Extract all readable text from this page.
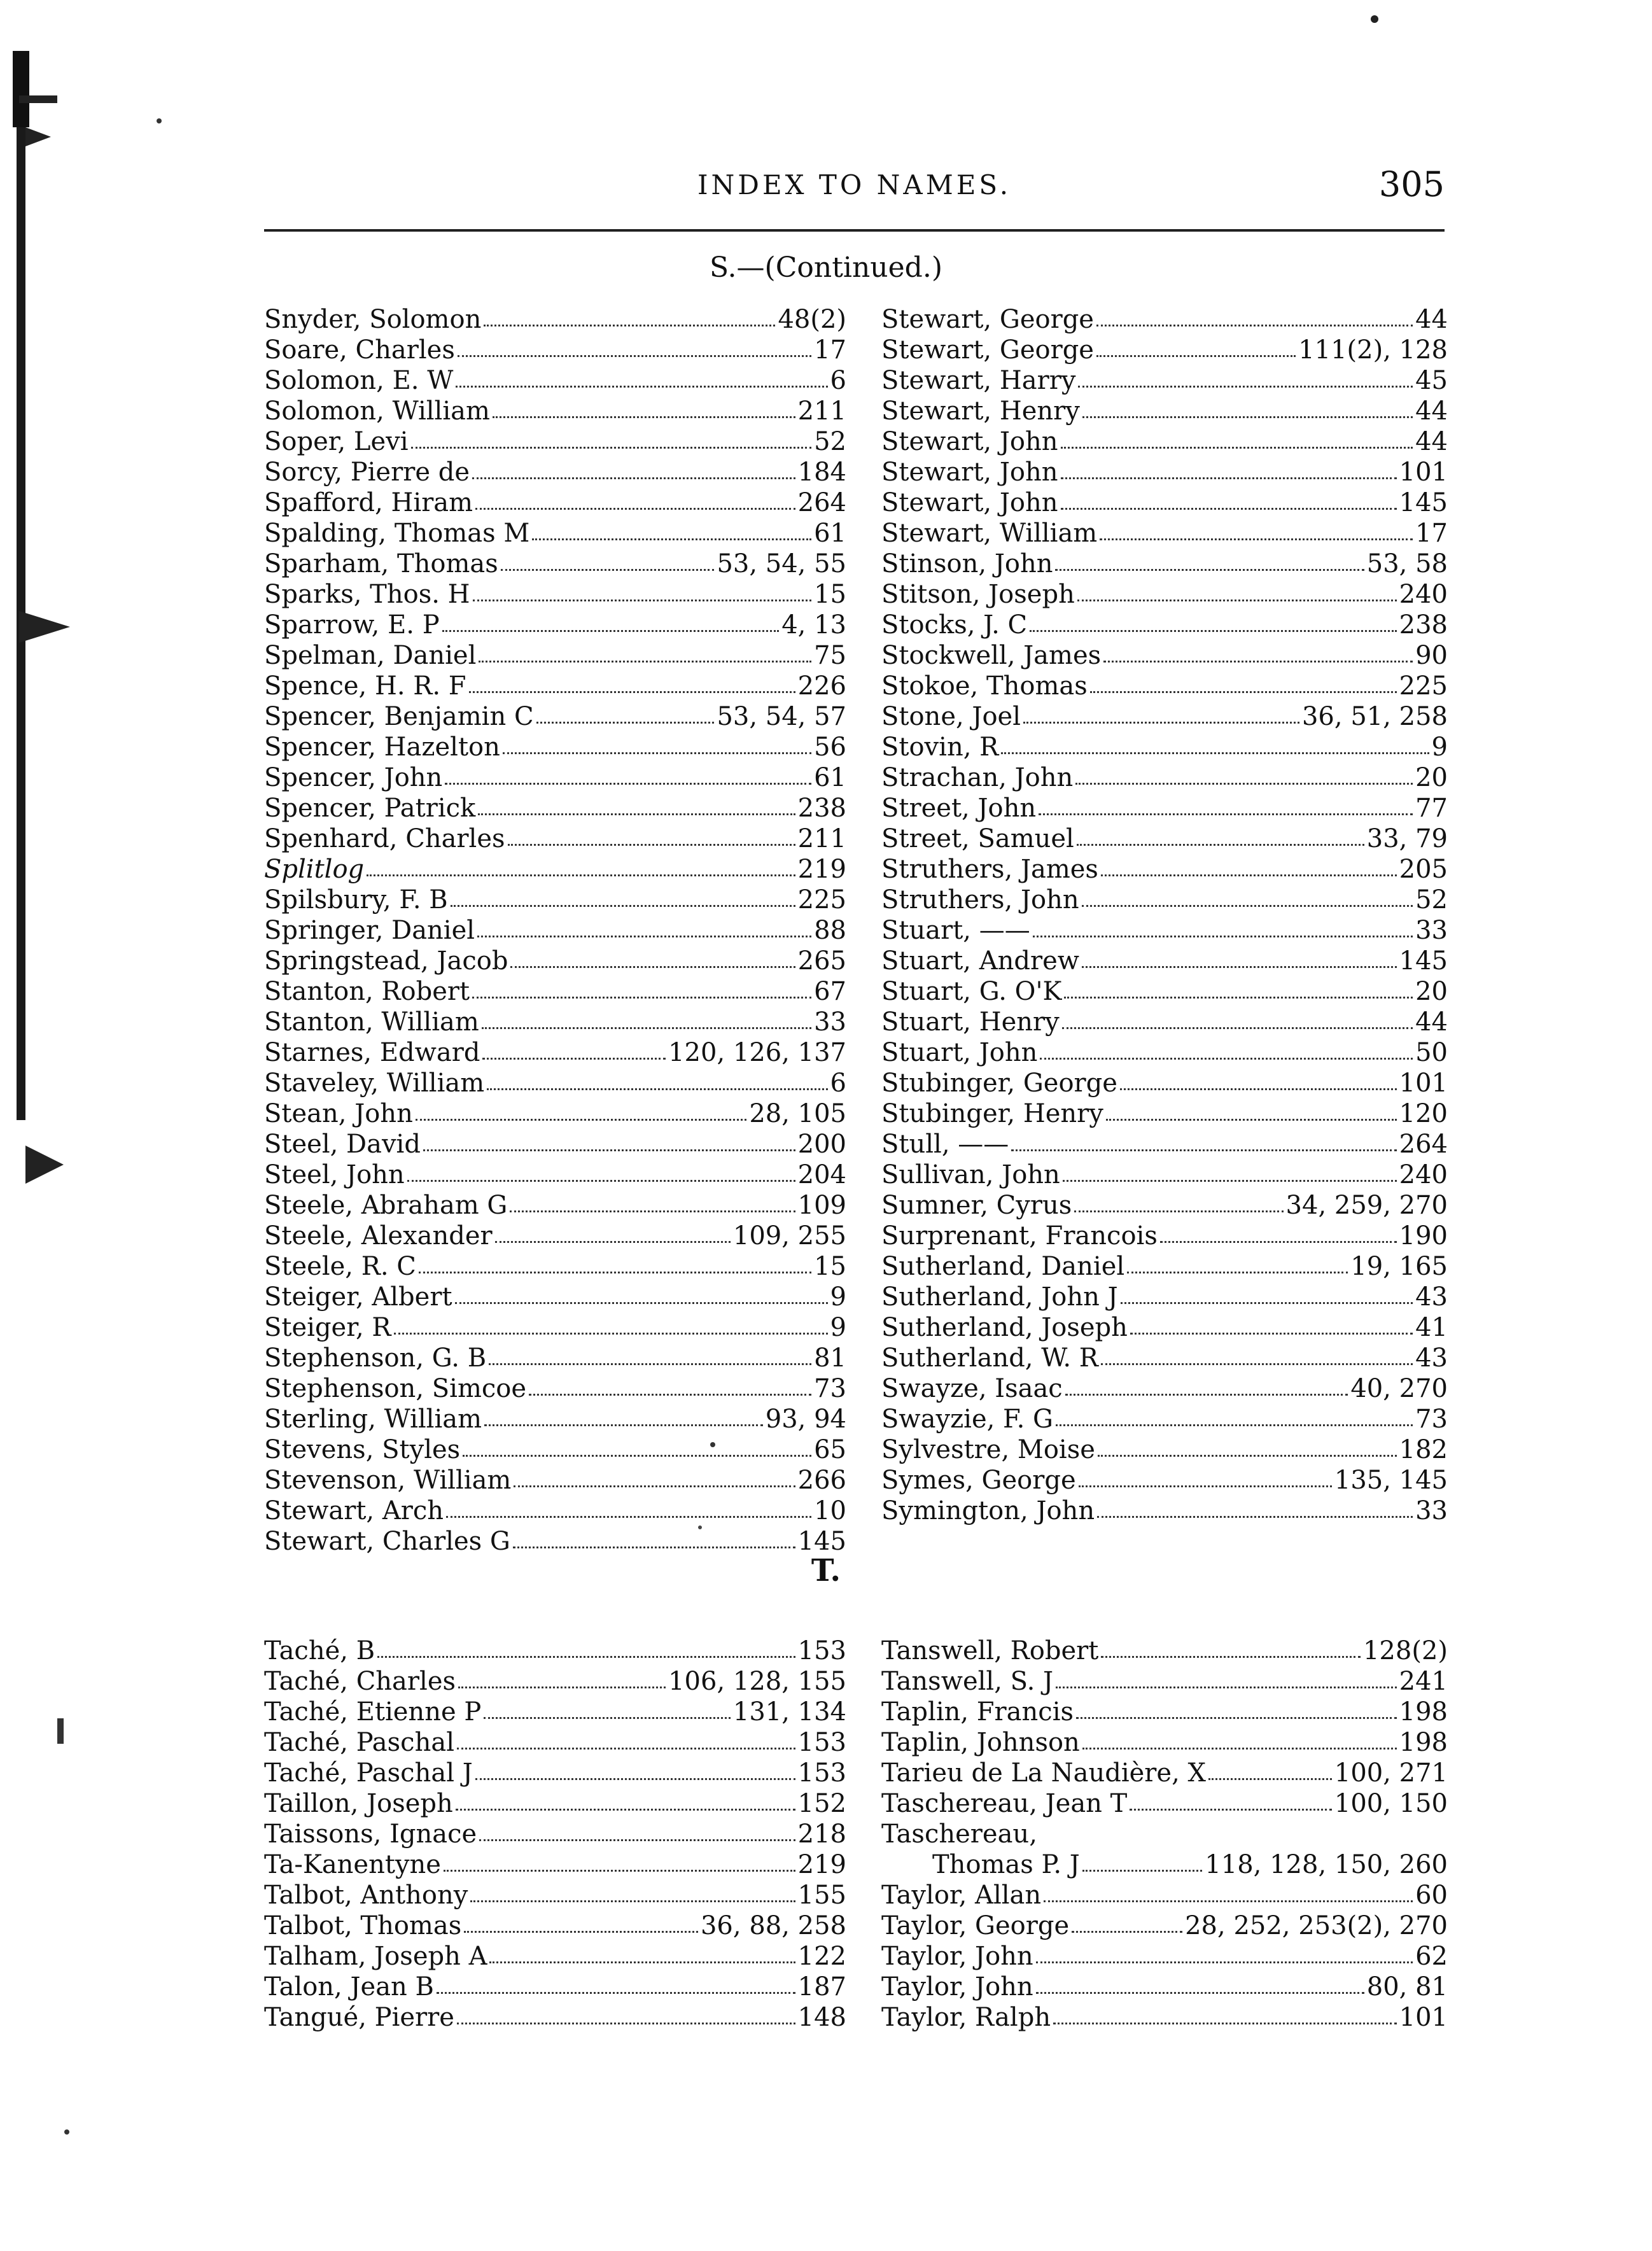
INDEX TO NAMES.	305
S.—(Continued.)
Snyder, Solomon	48(2)
Soare, Charles	17
Solomon, E. W	6
Solomon, William	211
Soper, Levi	52
Sorcy, Pierre de	184
Spafford, Hiram	264
Spalding, Thomas M	61
Sparham, Thomas	53, 54, 55
Sparks, Thos. H	15
Sparrow, E. P	4, 13
Spelman, Daniel	75
Spence, H. R. F	226
Spencer, Benjamin C	53, 54, 57
Spencer, Hazelton	56
Spencer, John	61
Spencer, Patrick	238
Spenhard, Charles	211
Splitlog	219
Spilsbury, F. B	225
Springer, Daniel	88
Springstead, Jacob	265
Stanton, Robert	67
Stanton, William	33
Starnes, Edward	120, 126, 137
Staveley, William	6
Stean, John	28, 105
Steel, David	200
Steel, John	204
Steele, Abraham G	109
Steele, Alexander	109, 255
Steele, R. C	15
Steiger, Albert	9
Steiger, R	9
Stephenson, G. B	81
Stephenson, Simcoe	73
Sterling, William	93, 94
Stevens, Styles	65
Stevenson, William	266
Stewart, Arch	10
Stewart, Charles G	145
Stewart, George	44
Stewart, George	111(2), 128
Stewart, Harry	45
Stewart, Henry	44
Stewart, John	44
Stewart, John	101
Stewart, John	145
Stewart, William	17
Stinson, John	53, 58
Stitson, Joseph	240
Stocks, J. C	238
Stockwell, James	90
Stokoe, Thomas	225
Stone, Joel	36, 51, 258
Stovin, R	9
Strachan, John	20
Street, John	77
Street, Samuel	33, 79
Struthers, James	205
Struthers, John	52
Stuart, ——	33
Stuart, Andrew	145
Stuart, G. O'K	20
Stuart, Henry	44
Stuart, John	50
Stubinger, George	101
Stubinger, Henry	120
Stull, ——	264
Sullivan, John	240
Sumner, Cyrus	34, 259, 270
Surprenant, Francois	190
Sutherland, Daniel	19, 165
Sutherland, John J	43
Sutherland, Joseph	41
Sutherland, W. R	43
Swayze, Isaac	40, 270
Swayzie, F. G	73
Sylvestre, Moise	182
Symes, George	135, 145
Symington, John	33
T.
Taché, B	153
Taché, Charles	106, 128, 155
Taché, Etienne P	131, 134
Taché, Paschal	153
Taché, Paschal J	153
Taillon, Joseph	152
Taissons, Ignace	218
Ta-Kanentyne	219
Talbot, Anthony	155
Talbot, Thomas	36, 88, 258
Talham, Joseph A	122
Talon, Jean B	187
Tangué, Pierre	148
Tanswell, Robert	128(2)
Tanswell, S. J	241
Taplin, Francis	198
Taplin, Johnson	198
Tarieu de La Naudière, X	100, 271
Taschereau, Jean T	100, 150
Taschereau,
Thomas P. J	118, 128, 150, 260
Taylor, Allan	60
Taylor, George	28, 252, 253(2), 270
Taylor, John	62
Taylor, John	80, 81
Taylor, Ralph	101
